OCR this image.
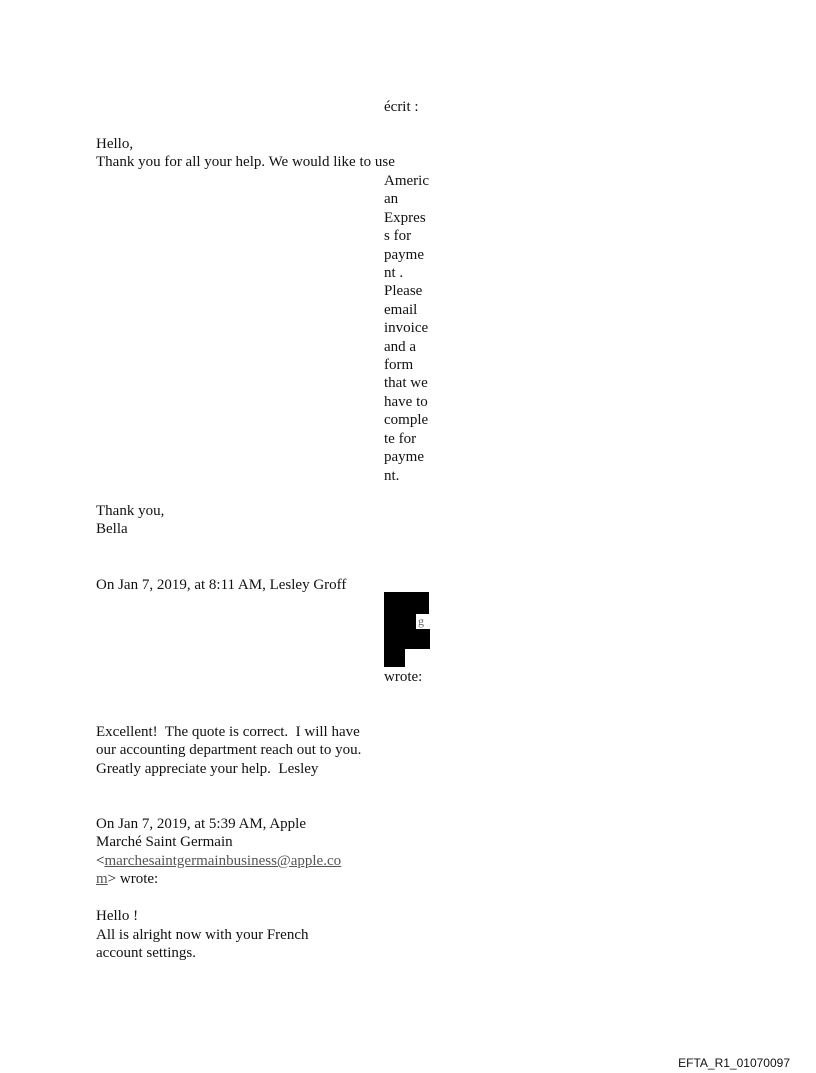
écrit :
Hello,
Thank you for all your help. We would like to use
Americ
an
Expres
s for
payme
nt .
Please
email
invoice
and a
form
that we
have to
comple
te for
payme
nt.
Thank you,
Bella
On Jan 7, 2019, at 8:11 AM, Lesley Groff
g
wrote:
Excellent!  The quote is correct.  I will have
our accounting department reach out to you.
Greatly appreciate your help.  Lesley
On Jan 7, 2019, at 5:39 AM, Apple
Marché Saint Germain
<marchesaintgermainbusiness@apple.co
m> wrote:
Hello !
All is alright now with your French
account settings.
EFTA_R1_01070097
